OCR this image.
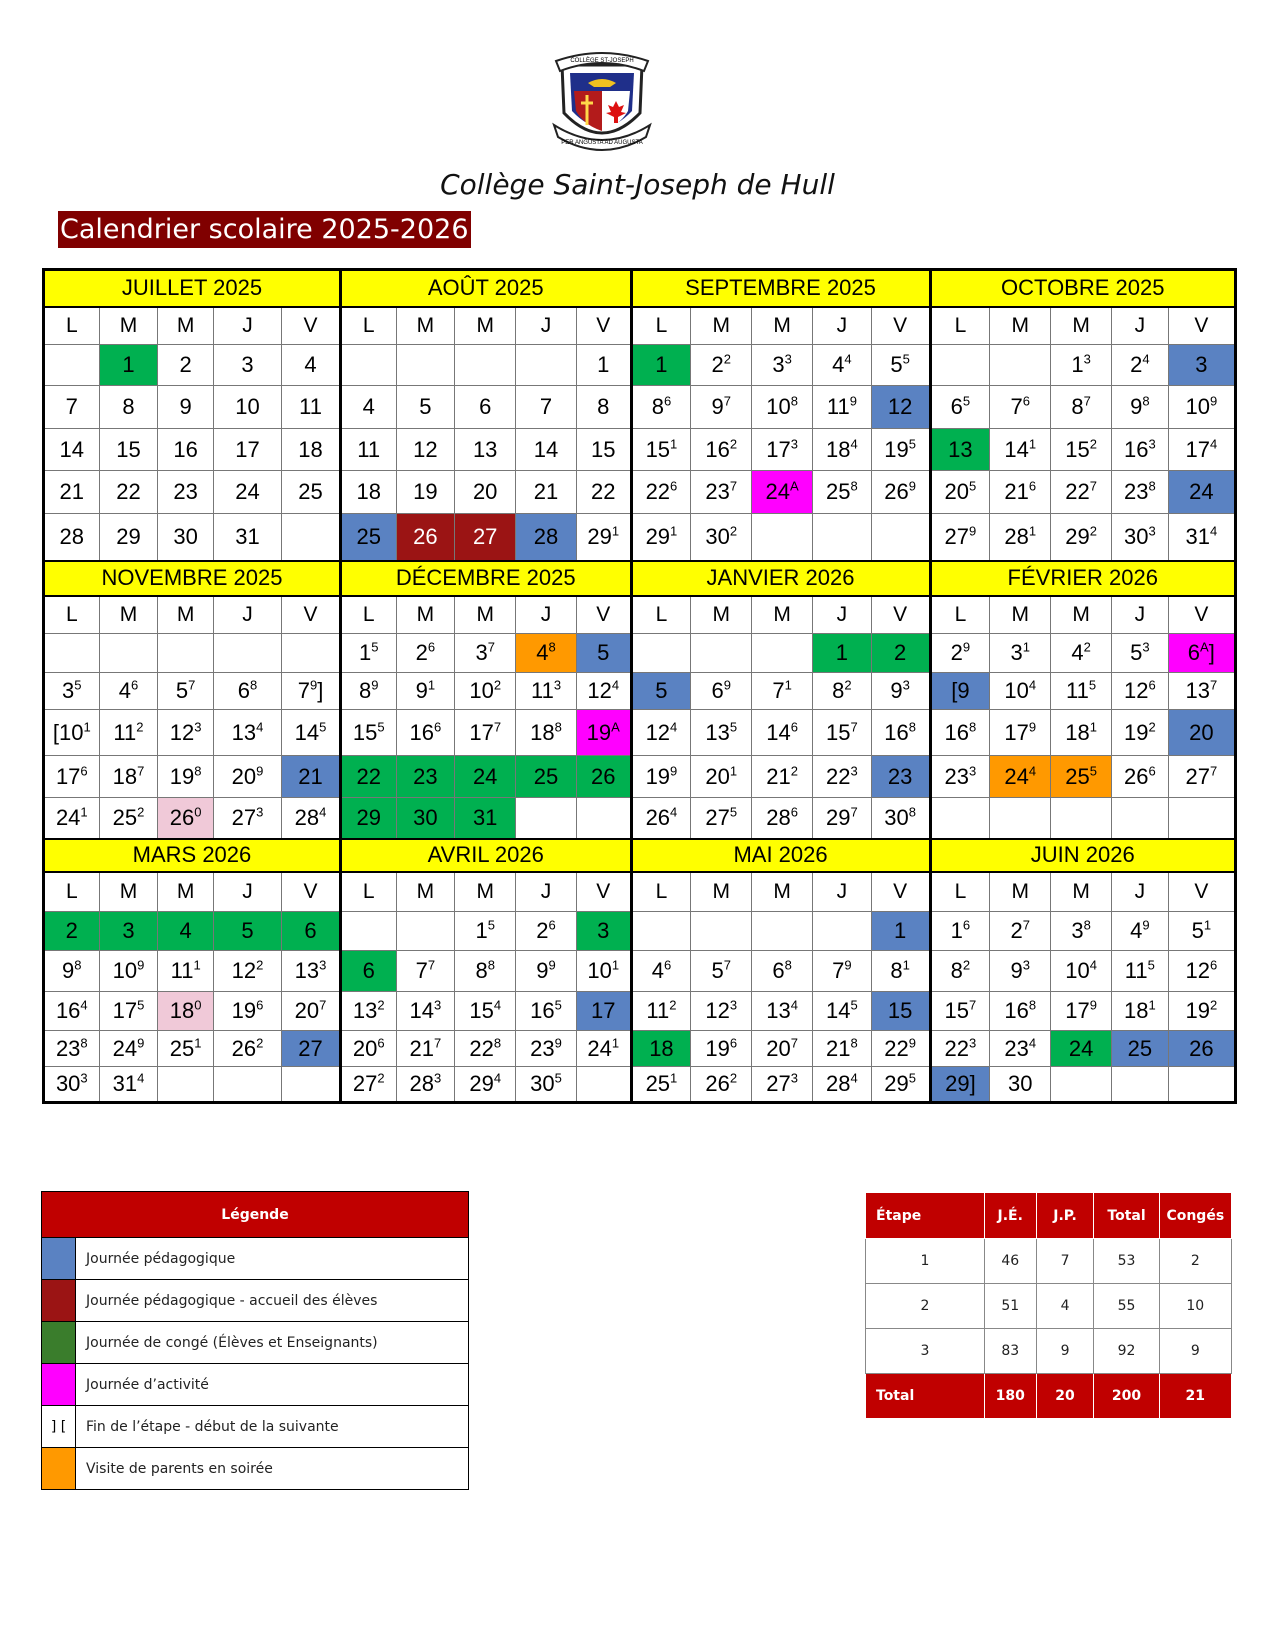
COLLÈGE ST-JOSEPH
PER ANGUSTA AD AUGUSTA
Collège Saint-Joseph de Hull
Calendrier scolaire 2025-2026
JUILLET 2025					AOÛT 2025					SEPTEMBRE 2025					OCTOBRE 2025				
L	M	M	J	V	L	M	M	J	V	L	M	M	J	V	L	M	M	J	V
	1	2	3	4					1	1	$2^2$	$3^3$	$4^4$	$5^5$			$1^3$	$2^4$	3
7	8	9	10	11	4	5	6	7	8	$8^6$	$9^7$	$10^8$	$11^9$	12	$6^5$	$7^6$	$8^7$	$9^8$	$10^9$
14	15	16	17	18	11	12	13	14	15	$15^1$	$16^2$	$17^3$	$18^4$	$19^5$	13	$14^1$	$15^2$	$16^3$	$17^4$
21	22	23	24	25	18	19	20	21	22	$22^6$	$23^7$	$24^A$	$25^8$	$26^9$	$20^5$	$21^6$	$22^7$	$23^8$	24
28	29	30	31		25	26	27	28	$29^1$	$29^1$	$30^2$				$27^9$	$28^1$	$29^2$	$30^3$	$31^4$
NOVEMBRE 2025					DÉCEMBRE 2025					JANVIER 2026					FÉVRIER 2026				
L	M	M	J	V	L	M	M	J	V	L	M	M	J	V	L	M	M	J	V
					$1^5$	$2^6$	$3^7$	$4^8$	5				1	2	$2^9$	$3^1$	$4^2$	$5^3$	$6^A$]
$3^5$	$4^6$	$5^7$	$6^8$	$7^9$]	$8^9$	$9^1$	$10^2$	$11^3$	$12^4$	5	$6^9$	$7^1$	$8^2$	$9^3$	[9	$10^4$	$11^5$	$12^6$	$13^7$
[$10^1$	$11^2$	$12^3$	$13^4$	$14^5$	$15^5$	$16^6$	$17^7$	$18^8$	$19^A$	$12^4$	$13^5$	$14^6$	$15^7$	$16^8$	$16^8$	$17^9$	$18^1$	$19^2$	20
$17^6$	$18^7$	$19^8$	$20^9$	21	22	23	24	25	26	$19^9$	$20^1$	$21^2$	$22^3$	23	$23^3$	$24^4$	$25^5$	$26^6$	$27^7$
$24^1$	$25^2$	$26^0$	$27^3$	$28^4$	29	30	31			$26^4$	$27^5$	$28^6$	$29^7$	$30^8$					
MARS 2026					AVRIL 2026					MAI 2026					JUIN 2026				
L	M	M	J	V	L	M	M	J	V	L	M	M	J	V	L	M	M	J	V
2	3	4	5	6			$1^5$	$2^6$	3					1	$1^6$	$2^7$	$3^8$	$4^9$	$5^1$
$9^8$	$10^9$	$11^1$	$12^2$	$13^3$	6	$7^7$	$8^8$	$9^9$	$10^1$	$4^6$	$5^7$	$6^8$	$7^9$	$8^1$	$8^2$	$9^3$	$10^4$	$11^5$	$12^6$
$16^4$	$17^5$	$18^0$	$19^6$	$20^7$	$13^2$	$14^3$	$15^4$	$16^5$	17	$11^2$	$12^3$	$13^4$	$14^5$	15	$15^7$	$16^8$	$17^9$	$18^1$	$19^2$
$23^8$	$24^9$	$25^1$	$26^2$	27	$20^6$	$21^7$	$22^8$	$23^9$	$24^1$	18	$19^6$	$20^7$	$21^8$	$22^9$	$22^3$	$23^4$	24	25	26
$30^3$	$31^4$				$27^2$	$28^3$	$29^4$	$30^5$		$25^1$	$26^2$	$27^3$	$28^4$	$29^5$	29]	30			
Légende	
	Journée pédagogique
	Journée pédagogique - accueil des élèves
	Journée de congé (Élèves et Enseignants)
	Journée d’activité
] [	Fin de l’étape - début de la suivante
	Visite de parents en soirée
Étape	J.É.	J.P.	Total	Congés
1	46	7	53	2
2	51	4	55	10
3	83	9	92	9
Total	180	20	200	21
